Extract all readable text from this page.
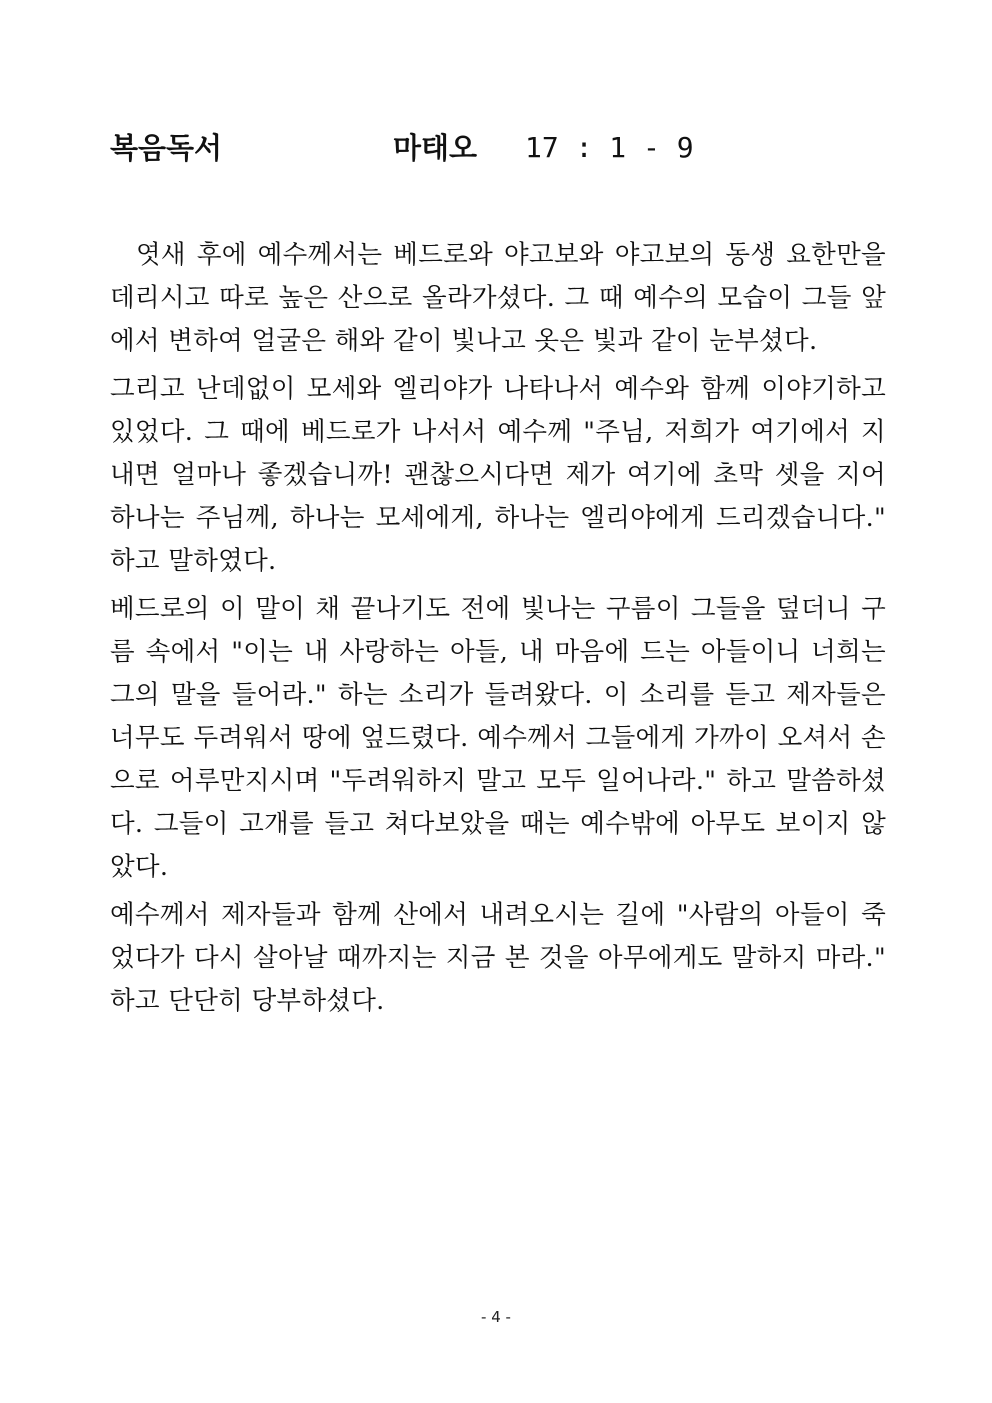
복음독서	마태오 17 : 1 - 9

엿새 후에 예수께서는 베드로와 야고보와 야고보의 동생 요한만을 데리시고 따로 높은 산으로 올라가셨다. 그 때 예수의 모습이 그들 앞에서 변하여 얼굴은 해와 같이 빛나고 옷은 빛과 같이 눈부셨다.

그리고 난데없이 모세와 엘리야가 나타나서 예수와 함께 이야기하고 있었다. 그 때에 베드로가 나서서 예수께 "주님, 저희가 여기에서 지내면 얼마나 좋겠습니까! 괜찮으시다면 제가 여기에 초막 셋을 지어 하나는 주님께, 하나는 모세에게, 하나는 엘리야에게 드리겠습니다." 하고 말하였다.

베드로의 이 말이 채 끝나기도 전에 빛나는 구름이 그들을 덮더니 구름 속에서 "이는 내 사랑하는 아들, 내 마음에 드는 아들이니 너희는 그의 말을 들어라." 하는 소리가 들려왔다. 이 소리를 듣고 제자들은 너무도 두려워서 땅에 엎드렸다. 예수께서 그들에게 가까이 오셔서 손으로 어루만지시며 "두려워하지 말고 모두 일어나라." 하고 말씀하셨다. 그들이 고개를 들고 쳐다보았을 때는 예수밖에 아무도 보이지 않았다.

예수께서 제자들과 함께 산에서 내려오시는 길에 "사람의 아들이 죽었다가 다시 살아날 때까지는 지금 본 것을 아무에게도 말하지 마라." 하고 단단히 당부하셨다.

- 4 -
